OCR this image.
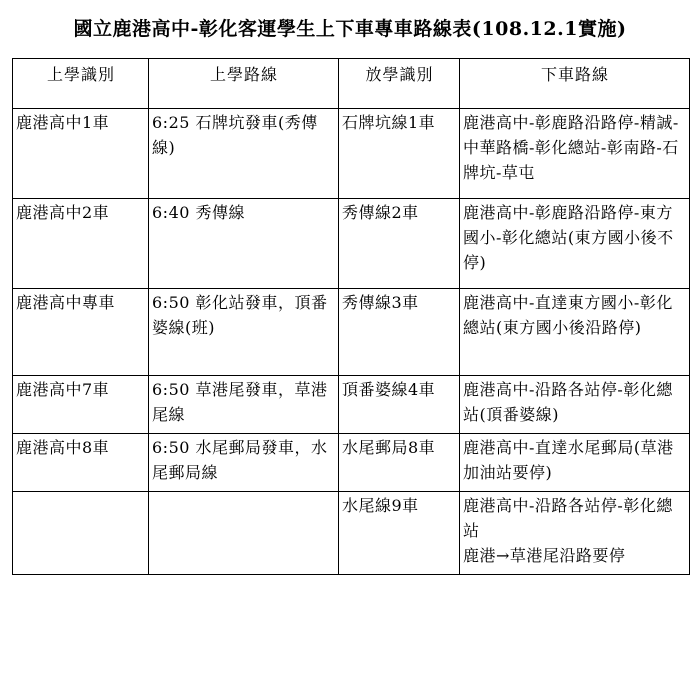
國立鹿港高中-彰化客運學生上下車專車路線表(108.12.1實施)
上學識別	上學路線	放學識別	下車路線
鹿港高中1車	6:25 石牌坑發車(秀傳線)	石牌坑線1車	鹿港高中-彰鹿路沿路停-精誠-中華路橋-彰化總站-彰南路-石牌坑-草屯
鹿港高中2車	6:40 秀傳線	秀傳線2車	鹿港高中-彰鹿路沿路停-東方國小-彰化總站(東方國小後不停)
鹿港高中專車	6:50 彰化站發車，頂番婆線(班)	秀傳線3車	鹿港高中-直達東方國小-彰化總站(東方國小後沿路停)
鹿港高中7車	6:50 草港尾發車，草港尾線	頂番婆線4車	鹿港高中-沿路各站停-彰化總站(頂番婆線)
鹿港高中8車	6:50 水尾郵局發車，水尾郵局線	水尾郵局8車	鹿港高中-直達水尾郵局(草港加油站要停)
		水尾線9車	鹿港高中-沿路各站停-彰化總站
鹿港→草港尾沿路要停
